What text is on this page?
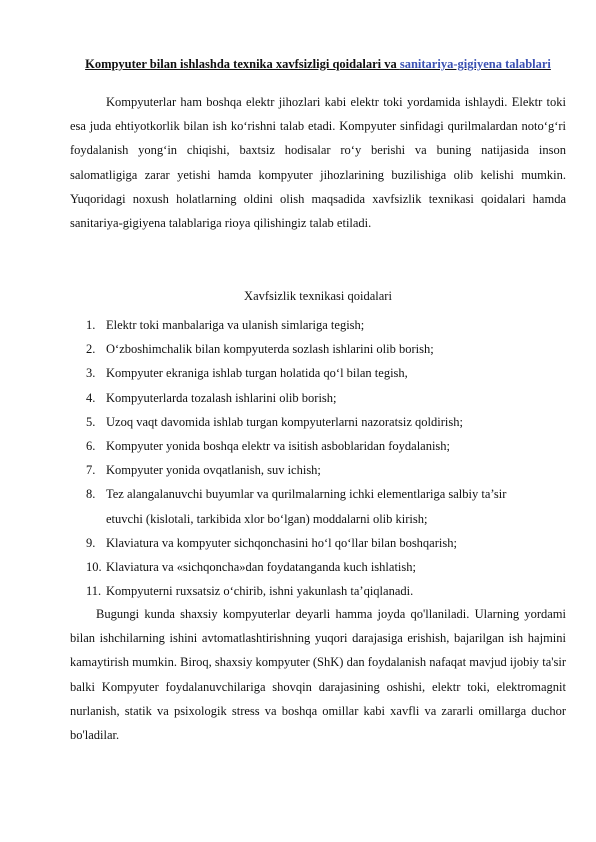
Kompyuter bilan ishlashda texnika xavfsizligi qoidalari va sanitariya-gigiyena talablari

Kompyuterlar ham boshqa elektr jihozlari kabi elektr toki yordamida ishlaydi. Elektr toki esa juda ehtiyotkorlik bilan ish ko‘rishni talab etadi. Kompyuter sinfidagi qurilmalardan noto‘g‘ri foydalanish yong‘in chiqishi, baxtsiz hodisalar ro‘y berishi va buning natijasida inson salomatligiga zarar yetishi hamda kompyuter jihozlarining buzilishiga olib kelishi mumkin. Yuqoridagi noxush holatlarning oldini olish maqsadida xavfsizlik texnikasi qoidalari hamda sanitariya-gigiyena talablariga rioya qilishingiz talab etiladi.

Xavfsizlik texnikasi qoidalari
1. Elektr toki manbalariga va ulanish simlariga tegish;
2. O‘zboshimchalik bilan kompyuterda sozlash ishlarini olib borish;
3. Kompyuter ekraniga ishlab turgan holatida qo‘l bilan tegish,
4. Kompyuterlarda tozalash ishlarini olib borish;
5. Uzoq vaqt davomida ishlab turgan kompyuterlarni nazoratsiz qoldirish;
6. Kompyuter yonida boshqa elektr va isitish asboblaridan foydalanish;
7. Kompyuter yonida ovqatlanish, suv ichish;
8. Tez alangalanuvchi buyumlar va qurilmalarning ichki elementlariga salbiy ta’sir
etuvchi (kislotali, tarkibida xlor bo‘lgan) moddalarni olib kirish;
9. Klaviatura va kompyuter sichqonchasini ho‘l qo‘llar bilan boshqarish;
10. Klaviatura va «sichqoncha»dan foydatanganda kuch ishlatish;
11. Kompyuterni ruxsatsiz o‘chirib, ishni yakunlash ta’qiqlanadi.

Bugungi kunda shaxsiy kompyuterlar deyarli hamma joyda qo'llaniladi. Ularning yordami bilan ishchilarning ishini avtomatlashtirishning yuqori darajasiga erishish, bajarilgan ish hajmini kamaytirish mumkin. Biroq, shaxsiy kompyuter (ShK) dan foydalanish nafaqat mavjud ijobiy ta'sir balki Kompyuter foydalanuvchilariga shovqin darajasining oshishi, elektr toki, elektromagnit nurlanish, statik va psixologik stress va boshqa omillar kabi xavfli va zararli omillarga duchor bo'ladilar.
